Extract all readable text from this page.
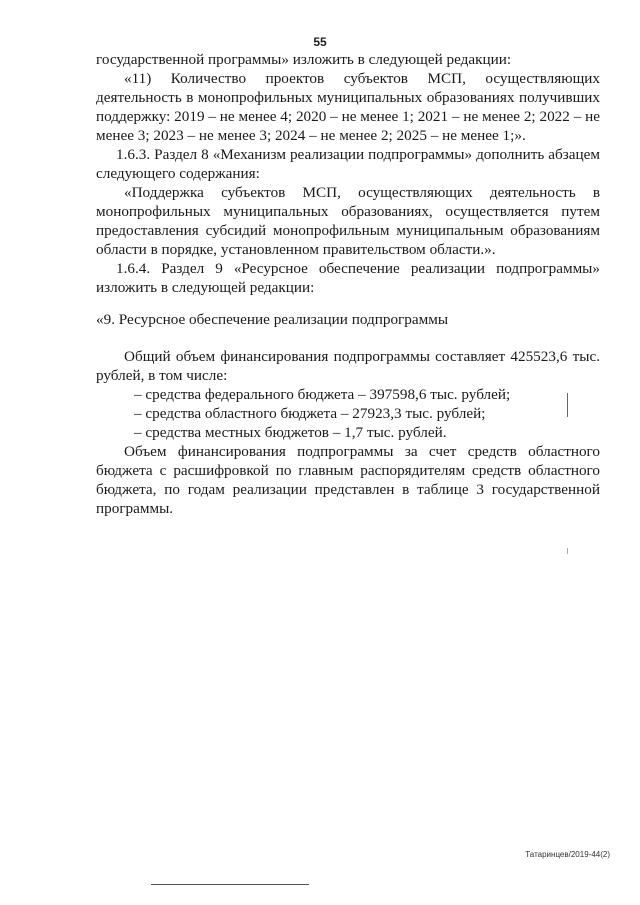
55

государственной программы» изложить в следующей редакции:

«11) Количество проектов субъектов МСП, осуществляющих деятельность в монопрофильных муниципальных образованиях получивших поддержку: 2019 – не менее 4; 2020 – не менее 1; 2021 – не менее 2; 2022 – не менее 3; 2023 – не менее 3; 2024 – не менее 2; 2025 – не менее 1;».

1.6.3. Раздел 8 «Механизм реализации подпрограммы» дополнить абзацем следующего содержания:

«Поддержка субъектов МСП, осуществляющих деятельность в монопрофильных муниципальных образованиях, осуществляется путем предоставления субсидий монопрофильным муниципальным образованиям области в порядке, установленном правительством области.».

1.6.4. Раздел 9 «Ресурсное обеспечение реализации подпрограммы» изложить в следующей редакции:

«9. Ресурсное обеспечение реализации подпрограммы

Общий объем финансирования подпрограммы составляет 425523,6 тыс. рублей, в том числе:

– средства федерального бюджета – 397598,6 тыс. рублей;

– средства областного бюджета – 27923,3 тыс. рублей;

– средства местных бюджетов – 1,7 тыс. рублей.

Объем финансирования подпрограммы за счет средств областного бюджета с расшифровкой по главным распорядителям средств областного бюджета, по годам реализации представлен в таблице 3 государственной программы.

Татаринцев/2019-44(2)
